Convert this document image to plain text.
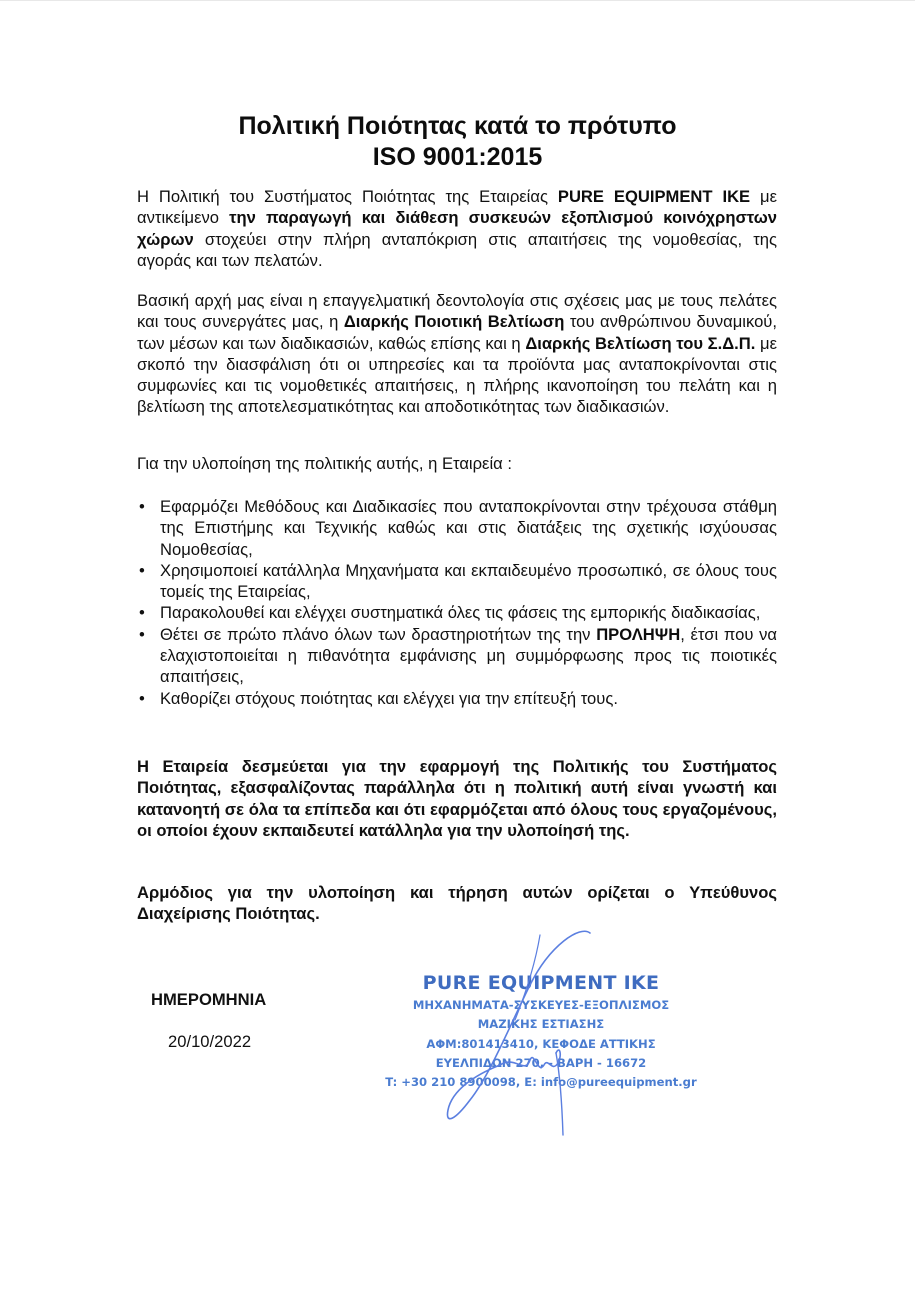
Πολιτική Ποιότητας κατά το πρότυπο
ISO 9001:2015

Η Πολιτική του Συστήματος Ποιότητας της Εταιρείας PURE EQUIPMENT IKE με αντικείμενο την παραγωγή και διάθεση συσκευών εξοπλισμού κοινόχρηστων χώρων στοχεύει στην πλήρη ανταπόκριση στις απαιτήσεις της νομοθεσίας, της αγοράς και των πελατών.

Βασική αρχή μας είναι η επαγγελματική δεοντολογία στις σχέσεις μας με τους πελάτες και τους συνεργάτες μας, η Διαρκής Ποιοτική Βελτίωση του ανθρώπινου δυναμικού, των μέσων και των διαδικασιών, καθώς επίσης και η Διαρκής Βελτίωση του Σ.Δ.Π. με σκοπό την διασφάλιση ότι οι υπηρεσίες και τα προϊόντα μας ανταποκρίνονται στις συμφωνίες και τις νομοθετικές απαιτήσεις, η πλήρης ικανοποίηση του πελάτη και η βελτίωση της αποτελεσματικότητας και αποδοτικότητας των διαδικασιών.

Για την υλοποίηση της πολιτικής αυτής, η Εταιρεία :

• Εφαρμόζει Μεθόδους και Διαδικασίες που ανταποκρίνονται στην τρέχουσα στάθμη της Επιστήμης και Τεχνικής καθώς και στις διατάξεις της σχετικής ισχύουσας Νομοθεσίας,
• Χρησιμοποιεί κατάλληλα Μηχανήματα και εκπαιδευμένο προσωπικό, σε όλους τους τομείς της Εταιρείας,
• Παρακολουθεί και ελέγχει συστηματικά όλες τις φάσεις της εμπορικής διαδικασίας,
• Θέτει σε πρώτο πλάνο όλων των δραστηριοτήτων της την ΠΡΟΛΗΨΗ, έτσι που να ελαχιστοποιείται η πιθανότητα εμφάνισης μη συμμόρφωσης προς τις ποιοτικές απαιτήσεις,
• Καθορίζει στόχους ποιότητας και ελέγχει για την επίτευξή τους.

Η Εταιρεία δεσμεύεται για την εφαρμογή της Πολιτικής του Συστήματος Ποιότητας, εξασφαλίζοντας παράλληλα ότι η πολιτική αυτή είναι γνωστή και κατανοητή σε όλα τα επίπεδα και ότι εφαρμόζεται από όλους τους εργαζομένους, οι οποίοι έχουν εκπαιδευτεί κατάλληλα για την υλοποίησή της.

Αρμόδιος για την υλοποίηση και τήρηση αυτών ορίζεται ο Υπεύθυνος Διαχείρισης Ποιότητας.

ΗΜΕΡΟΜΗΝΙΑ
20/10/2022
PURE EQUIPMENT IKE
ΜΗΧΑΝΗΜΑΤΑ-ΣΥΣΚΕΥΕΣ-ΕΞΟΠΛΙΣΜΟΣ
ΜΑΖΙΚΗΣ ΕΣΤΙΑΣΗΣ
ΑΦΜ:801413410, ΚΕΦΟΔΕ ΑΤΤΙΚΗΣ
ΕΥΕΛΠΙΔΩΝ 270, - ΒΑΡΗ - 16672
T: +30 210 8900098, E: info@pureequipment.gr
